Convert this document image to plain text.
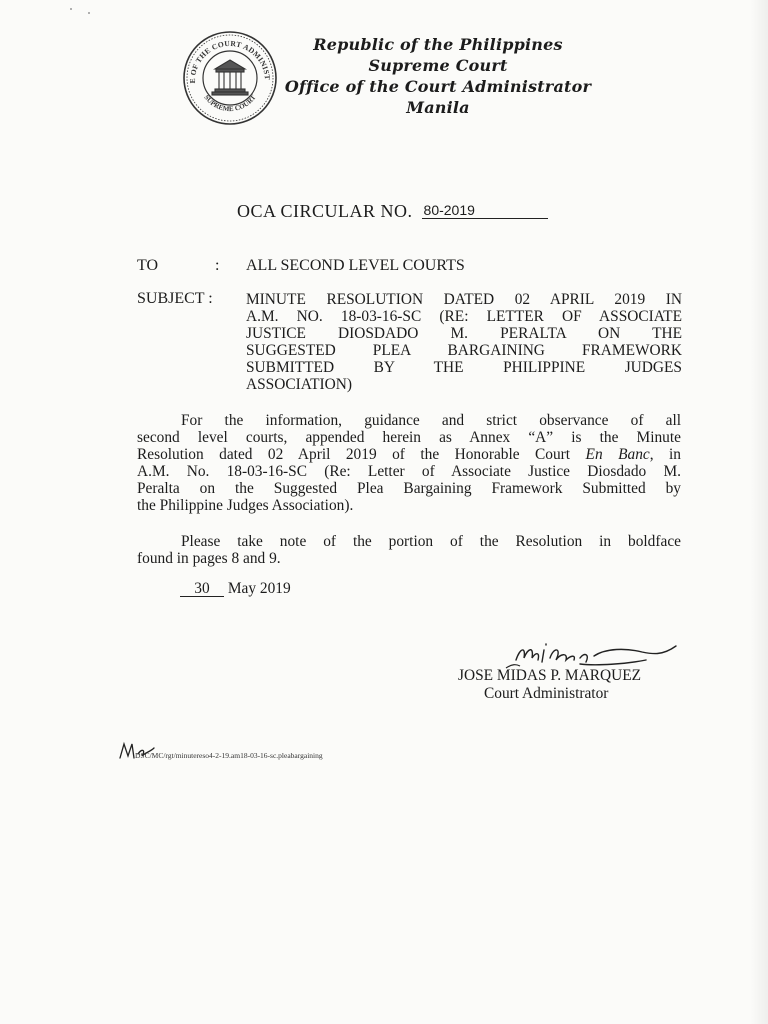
E OF THE COURT ADMINIST
SUPREME COURT
Republic of the Philippines
Supreme Court
Office of the Court Administrator
Manila
OCA CIRCULAR NO. 80-2019
TO	: ALL SECOND LEVEL COURTS
SUBJECT : MINUTE RESOLUTION DATED 02 APRIL 2019 IN
A.M. NO. 18-03-16-SC (RE: LETTER OF ASSOCIATE
JUSTICE DIOSDADO M. PERALTA ON THE
SUGGESTED PLEA BARGAINING FRAMEWORK
SUBMITTED BY THE PHILIPPINE JUDGES
ASSOCIATION)
For the information, guidance and strict observance of all
second level courts, appended herein as Annex “A” is the Minute
Resolution dated 02 April 2019 of the Honorable Court En Banc, in
A.M. No. 18-03-16-SC (Re: Letter of Associate Justice Diosdado M.
Peralta on the Suggested Plea Bargaining Framework Submitted by
the Philippine Judges Association).
Please take note of the portion of the Resolution in boldface
found in pages 8 and 9.
30 May 2019
JOSE MIDAS P. MARQUEZ
Court Administrator
DSC/MC/rgt/minutereso4-2-19.am18-03-16-sc.pleabargaining
